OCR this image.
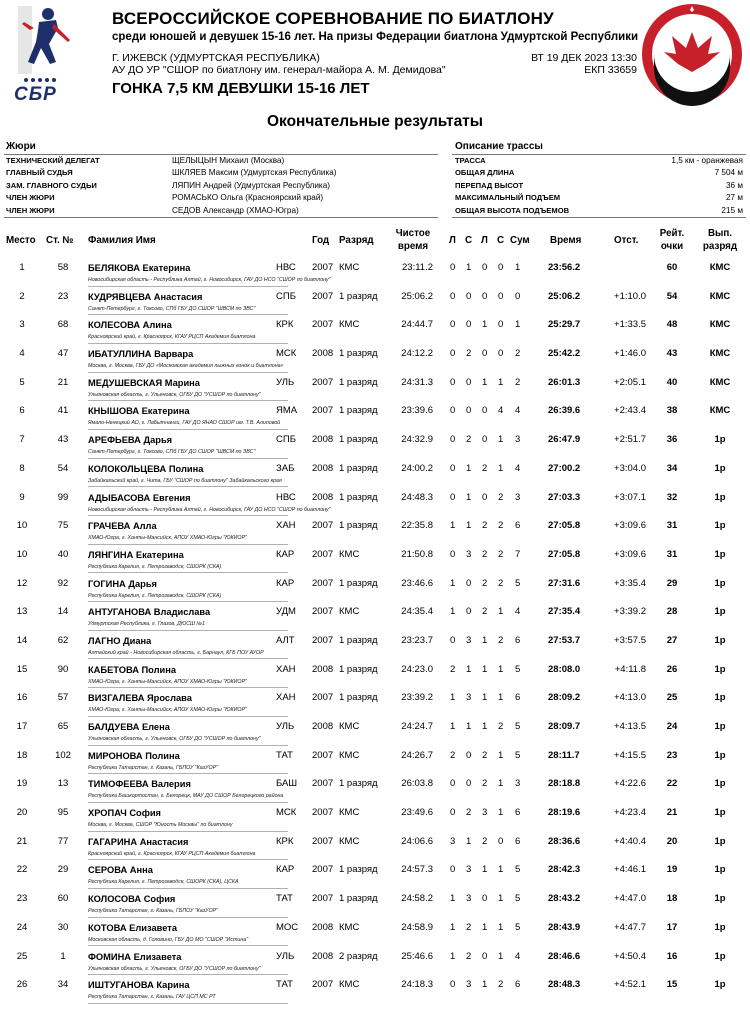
СБР
ВСЕРОССИЙСКОЕ СОРЕВНОВАНИЕ ПО БИАТЛОНУ
среди юношей и девушек 15-16 лет. На призы Федерации биатлона Удмуртской Республики
Г. ИЖЕВСК (УДМУРТСКАЯ РЕСПУБЛИКА)
АУ ДО УР "СШОР по биатлону им. генерал-майора А. М. Демидова"
ВТ 19 ДЕК 2023 13:30
ЕКП 33659
ГОНКА 7,5 КМ ДЕВУШКИ 15-16 ЛЕТ
Окончательные результаты
Жюри	Описание трассы
ТЕХНИЧЕСКИЙ ДЕЛЕГАТ	ЩЕЛЫЦЫН Михаил (Москва)
ГЛАВНЫЙ СУДЬЯ	ШКЛЯЕВ Максим (Удмуртская Республика)
ЗАМ. ГЛАВНОГО СУДЬИ	ЛЯПИН Андрей (Удмуртская Республика)
ЧЛЕН ЖЮРИ	РОМАСЬКО Ольга (Красноярский край)
ЧЛЕН ЖЮРИ	СЕДОВ Александр (ХМАО-Югра)
ТРАССА	1,5 км - оранжевая
ОБЩАЯ ДЛИНА	7 504 м
ПЕРЕПАД ВЫСОТ	36 м
МАКСИМАЛЬНЫЙ ПОДЪЕМ	27 м
ОБЩАЯ ВЫСОТА ПОДЪЕМОВ	215 м
Место Ст. № Фамилия Имя	Год Разряд
Чистое
время
Л С Л С Сум Время	Отст.
Рейт.
очки
Вып.
разряд
1	58	БЕЛЯКОВА Екатерина	НВС 2007 КМС	23:11.2 0 1 0 0 1	23:56.2	60	КМС
Новосибирская область - Республика Алтай, г. Новосибирск, ГАУ ДО НСО "СШОР по биатлону"
2	23	КУДРЯВЦЕВА Анастасия	СПБ 2007 1 разряд	25:06.2 0 0 0 0 0	25:06.2	+1:10.0	54	КМС
Санкт-Петербург, г. Токсово, СПб ГБУ ДО СШОР "ШВСМ по ЗВС"
3	68	КОЛЕСОВА Алина	КРК 2007 КМС	24:44.7 0 0 1 0 1	25:29.7	+1:33.5	48	КМС
Красноярский край, г. Красноярск, КГАУ РЦСП Академия биатлона
4	47	ИБАТУЛЛИНА Варвара	МСК 2008 1 разряд	24:12.2 0 2 0 0 2	25:42.2	+1:46.0	43	КМС
Москва, г. Москва, ГБУ ДО «Московская академия лыжных гонок и биатлона»
5	21	МЕДУШЕВСКАЯ Марина	УЛЬ 2007 1 разряд	24:31.3 0 0 1 1 2	26:01.3	+2:05.1	40	КМС
Ульяновская область, г. Ульяновск, ОГБУ ДО "УСШОР по биатлону"
6	41	КНЫШОВА Екатерина	ЯМА 2007 1 разряд	23:39.6 0 0 0 4 4	26:39.6	+2:43.4	38	КМС
Ямало-Ненецкий АО, г. Лабытнанги, ГАУ ДО ЯНАО СШОР им. Т.В. Алиповой
7	43	АРЕФЬЕВА Дарья	СПБ 2008 1 разряд	24:32.9 0 2 0 1 3	26:47.9	+2:51.7	36	1р
Санкт-Петербург, г. Токсово, СПб ГБУ ДО СШОР "ШВСМ по ЗВС"
8	54	КОЛОКОЛЬЦЕВА Полина	ЗАБ 2008 1 разряд	24:00.2 0 1 2 1 4	27:00.2	+3:04.0	34	1р
Забайкальский край, г. Чита, ГБУ "СШОР по биатлону" Забайкальского края
9	99	АДЫБАСОВА Евгения	НВС 2008 1 разряд	24:48.3 0 1 0 2 3	27:03.3	+3:07.1	32	1р
Новосибирская область - Республика Алтай, г. Новосибирск, ГАУ ДО НСО "СШОР по биатлону"
10	75	ГРАЧЕВА Алла	ХАН 2007 1 разряд	22:35.8 1 1 2 2 6	27:05.8	+3:09.6	31	1р
ХМАО-Югра, г. Ханты-Мансийск, АПОУ ХМАО-Югры "ЮКИОР"
10	40	ЛЯНГИНА Екатерина	КАР 2007 КМС	21:50.8 0 3 2 2 7	27:05.8	+3:09.6	31	1р
Республика Карелия, г. Петрозаводск, СШОРК (СКА)
12	92	ГОГИНА Дарья	КАР 2007 1 разряд	23:46.6 1 0 2 2 5	27:31.6	+3:35.4	29	1р
Республика Карелия, г. Петрозаводск, СШОРК (СКА)
13	14	АНТУГАНОВА Владислава	УДМ 2007 КМС	24:35.4 1 0 2 1 4	27:35.4	+3:39.2	28	1р
Удмуртская Республика, г. Глазов, ДЮСШ №1
14	62	ЛАГНО Диана	АЛТ 2007 1 разряд	23:23.7 0 3 1 2 6	27:53.7	+3:57.5	27	1р
Алтайский край - Новосибирская область, г. Барнаул, КГБ ПОУ АУОР
15	90	КАБЕТОВА Полина	ХАН 2008 1 разряд	24:23.0 2 1 1 1 5	28:08.0	+4:11.8	26	1р
ХМАО-Югра, г. Ханты-Мансийск, АПОУ ХМАО-Югры "ЮКИОР"
16	57	ВИЗГАЛЕВА Ярослава	ХАН 2007 1 разряд	23:39.2 1 3 1 1 6	28:09.2	+4:13.0	25	1р
ХМАО-Югра, г. Ханты-Мансийск, АПОУ ХМАО-Югры "ЮКИОР"
17	65	БАЛДУЕВА Елена	УЛЬ 2008 КМС	24:24.7 1 1 1 2 5	28:09.7	+4:13.5	24	1р
Ульяновская область, г. Ульяновск, ОГБУ ДО "УСШОР по биатлону"
18	102	МИРОНОВА Полина	ТАТ 2007 КМС	24:26.7 2 0 2 1 5	28:11.7	+4:15.5	23	1р
Республика Татарстан, г. Казань, ГБПОУ "КазУОР"
19	13	ТИМОФЕЕВА Валерия	БАШ 2007 1 разряд	26:03.8 0 0 2 1 3	28:18.8	+4:22.6	22	1р
Республика Башкортостан, г. Белорецк, МАУ ДО СШОР Белорецкого района
20	95	ХРОПАЧ София	МСК 2007 КМС	23:49.6 0 2 3 1 6	28:19.6	+4:23.4	21	1р
Москва, г. Москва, СШОР "Юность Москвы" по биатлону
21	77	ГАГАРИНА Анастасия	КРК 2007 КМС	24:06.6 3 1 2 0 6	28:36.6	+4:40.4	20	1р
Красноярский край, г. Красноярск, КГАУ РЦСП Академия биатлона
22	29	СЕРОВА Анна	КАР 2007 1 разряд	24:57.3 0 3 1 1 5	28:42.3	+4:46.1	19	1р
Республика Карелия, г. Петрозаводск, СШОРК (СКА), ЦСКА
23	60	КОЛОСОВА София	ТАТ 2007 1 разряд	24:58.2 1 3 0 1 5	28:43.2	+4:47.0	18	1р
Республика Татарстан, г. Казань, ГБПОУ "КазУОР"
24	30	КОТОВА Елизавета	МОС 2008 КМС	24:58.9 1 2 1 1 5	28:43.9	+4:47.7	17	1р
Московская область, д. Головино, ГБУ ДО МО "СШОР "Истина"
25	1	ФОМИНА Елизавета	УЛЬ 2008 2 разряд	25:46.6 1 2 0 1 4	28:46.6	+4:50.4	16	1р
Ульяновская область, г. Ульяновск, ОГБУ ДО "УСШОР по биатлону"
26	34	ИШТУГАНОВА Карина	ТАТ 2007 КМС	24:18.3 0 3 1 2 6	28:48.3	+4:52.1	15	1р
Республика Татарстан, г. Казань, ГАУ ЦСП МС РТ
